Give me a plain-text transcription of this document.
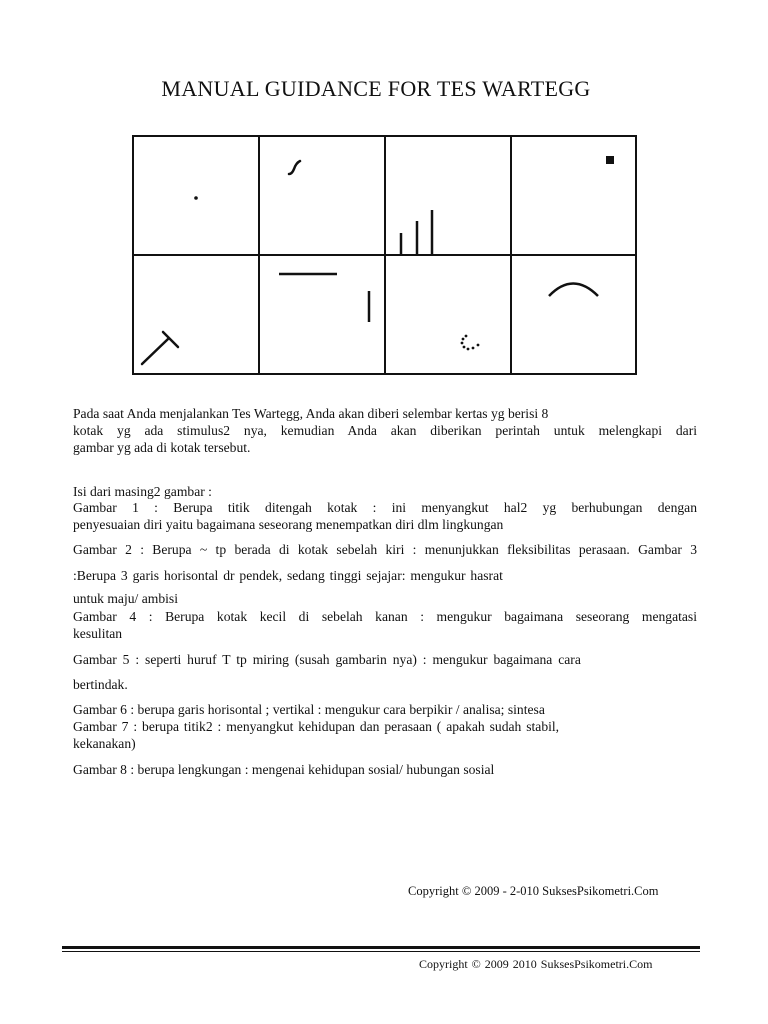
MANUAL GUIDANCE FOR TES WARTEGG
Pada saat Anda menjalankan Tes Wartegg, Anda akan diberi selembar kertas yg berisi 8
kotak yg ada stimulus2 nya, kemudian Anda akan diberikan perintah untuk melengkapi dari
gambar yg ada di kotak tersebut.
Isi dari masing2 gambar :
Gambar 1 : Berupa titik ditengah kotak : ini menyangkut hal2 yg berhubungan dengan
penyesuaian diri yaitu bagaimana seseorang menempatkan diri dlm lingkungan
Gambar 2 : Berupa ~ tp berada di kotak sebelah kiri : menunjukkan fleksibilitas perasaan. Gambar 3
:Berupa 3 garis horisontal dr pendek, sedang tinggi sejajar: mengukur hasrat
untuk maju/ ambisi
Gambar 4 : Berupa kotak kecil di sebelah kanan : mengukur bagaimana seseorang mengatasi
kesulitan
Gambar 5 : seperti huruf T tp miring (susah gambarin nya) : mengukur bagaimana cara
bertindak.
Gambar 6 : berupa garis horisontal ; vertikal : mengukur cara berpikir / analisa; sintesa
Gambar 7 : berupa titik2 : menyangkut kehidupan dan perasaan ( apakah sudah stabil,
kekanakan)
Gambar 8 : berupa lengkungan : mengenai kehidupan sosial/ hubungan sosial
Copyright © 2009 - 2-010 SuksesPsikometri.Com
Copyright © 2009 2010 SuksesPsikometri.Com
